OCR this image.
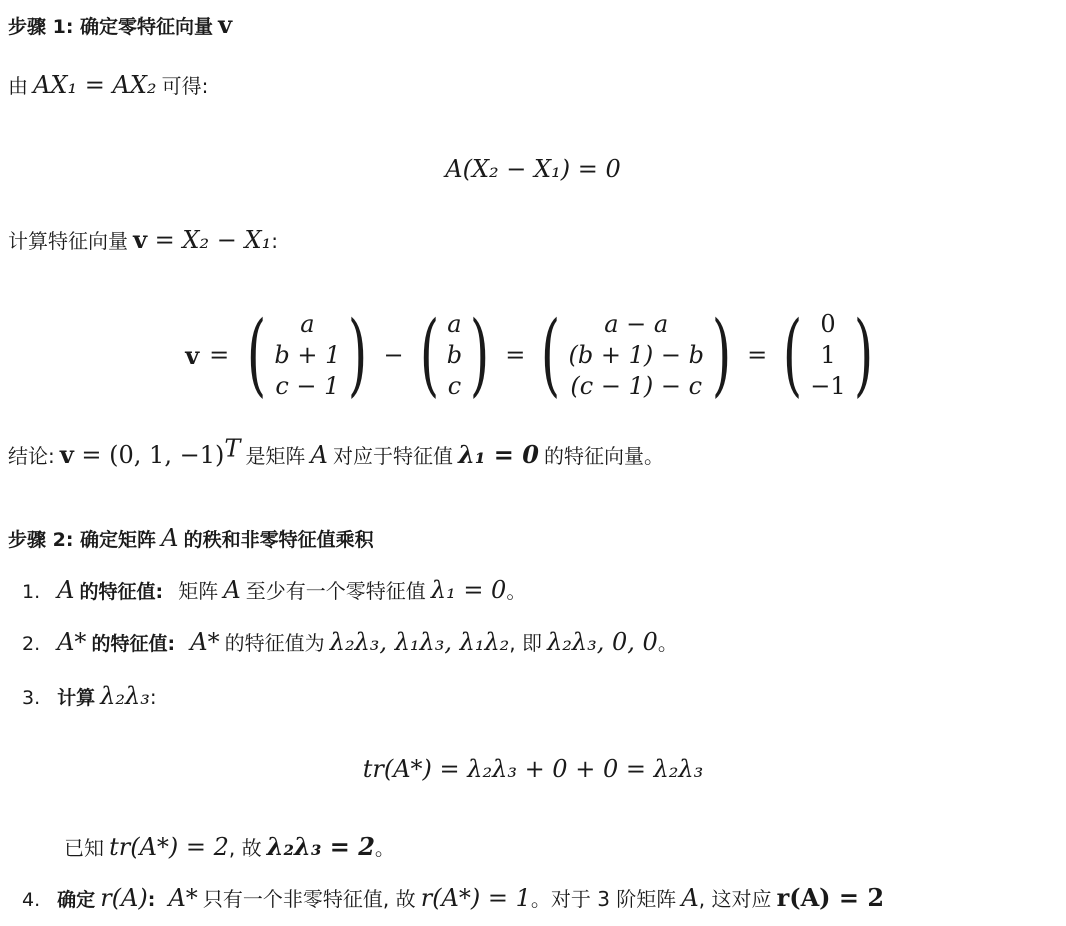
步骤 1: 确定零特征向量 v
由 AX₁ = AX₂ 可得:
A(X₂ − X₁) = 0
计算特征向量 v = X₂ − X₁:
v = ( a
b + 1
c − 1 ) − ( a
b
c ) = ( a − a
(b + 1) − b
(c − 1) − c ) = ( 0
1
−1 )
结论: v = (0, 1, −1)$^T$ 是矩阵 A 对应于特征值 λ₁ = 0 的特征向量。
步骤 2: 确定矩阵 A 的秩和非零特征值乘积
1. A 的特征值: 矩阵 A 至少有一个零特征值 λ₁ = 0。
2. A* 的特征值: A* 的特征值为 λ₂λ₃, λ₁λ₃, λ₁λ₂, 即 λ₂λ₃, 0, 0。
3. 计算 λ₂λ₃:
tr(A*) = λ₂λ₃ + 0 + 0 = λ₂λ₃
已知 tr(A*) = 2, 故 λ₂λ₃ = 2。
4. 确定 r(A): A* 只有一个非零特征值, 故 r(A*) = 1。对于 3 阶矩阵 A, 这对应 r(A) = 2
